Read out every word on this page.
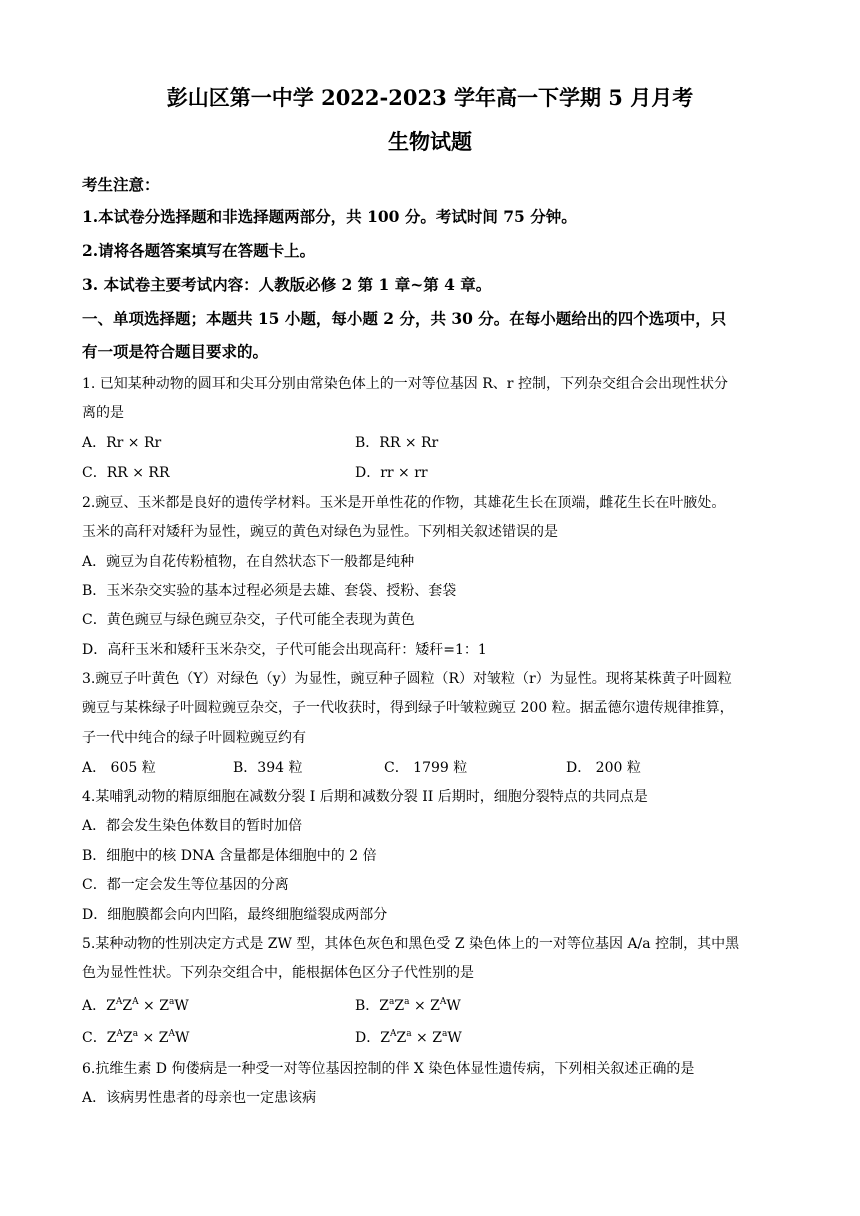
彭山区第一中学 2022-2023 学年高一下学期 5 月月考
生物试题
考生注意：
1.本试卷分选择题和非选择题两部分，共 100 分。考试时间 75 分钟。
2.请将各题答案填写在答题卡上。
3. 本试卷主要考试内容：人教版必修 2 第 1 章~第 4 章。
一、单项选择题；本题共 15 小题，每小题 2 分，共 30 分。在每小题给出的四个选项中，只
有一项是符合题目要求的。
1. 已知某种动物的圆耳和尖耳分别由常染色体上的一对等位基因 R、r 控制，下列杂交组合会出现性状分
离的是
A．Rr × Rr	B．RR × Rr
C．RR × RR	D．rr × rr
2.豌豆、玉米都是良好的遗传学材料。玉米是开单性花的作物，其雄花生长在顶端，雌花生长在叶腋处。
玉米的高秆对矮秆为显性，豌豆的黄色对绿色为显性。下列相关叙述错误的是
A．豌豆为自花传粉植物，在自然状态下一般都是纯种
B．玉米杂交实验的基本过程必须是去雄、套袋、授粉、套袋
C．黄色豌豆与绿色豌豆杂交，子代可能全表现为黄色
D．高秆玉米和矮秆玉米杂交，子代可能会出现高秆：矮秆=1：1
3.豌豆子叶黄色（Y）对绿色（y）为显性，豌豆种子圆粒（R）对皱粒（r）为显性。现将某株黄子叶圆粒
豌豆与某株绿子叶圆粒豌豆杂交，子一代收获时，得到绿子叶皱粒豌豆 200 粒。据孟德尔遗传规律推算，
子一代中纯合的绿子叶圆粒豌豆约有
A． 605 粒	B．394 粒	C． 1799 粒	D． 200 粒
4.某哺乳动物的精原细胞在减数分裂 I 后期和减数分裂 II 后期时，细胞分裂特点的共同点是
A．都会发生染色体数目的暂时加倍
B．细胞中的核 DNA 含量都是体细胞中的 2 倍
C．都一定会发生等位基因的分离
D．细胞膜都会向内凹陷，最终细胞缢裂成两部分
5.某种动物的性别决定方式是 ZW 型，其体色灰色和黑色受 Z 染色体上的一对等位基因 A/a 控制，其中黑
色为显性性状。下列杂交组合中，能根据体色区分子代性别的是
A．$Z^AZ^A \times Z^aW$	B．$Z^aZ^a \times Z^AW$
C．$Z^AZ^a \times Z^AW$	D．$Z^AZ^a \times Z^aW$
6.抗维生素 D 佝偻病是一种受一对等位基因控制的伴 X 染色体显性遗传病，下列相关叙述正确的是
A．该病男性患者的母亲也一定患该病
